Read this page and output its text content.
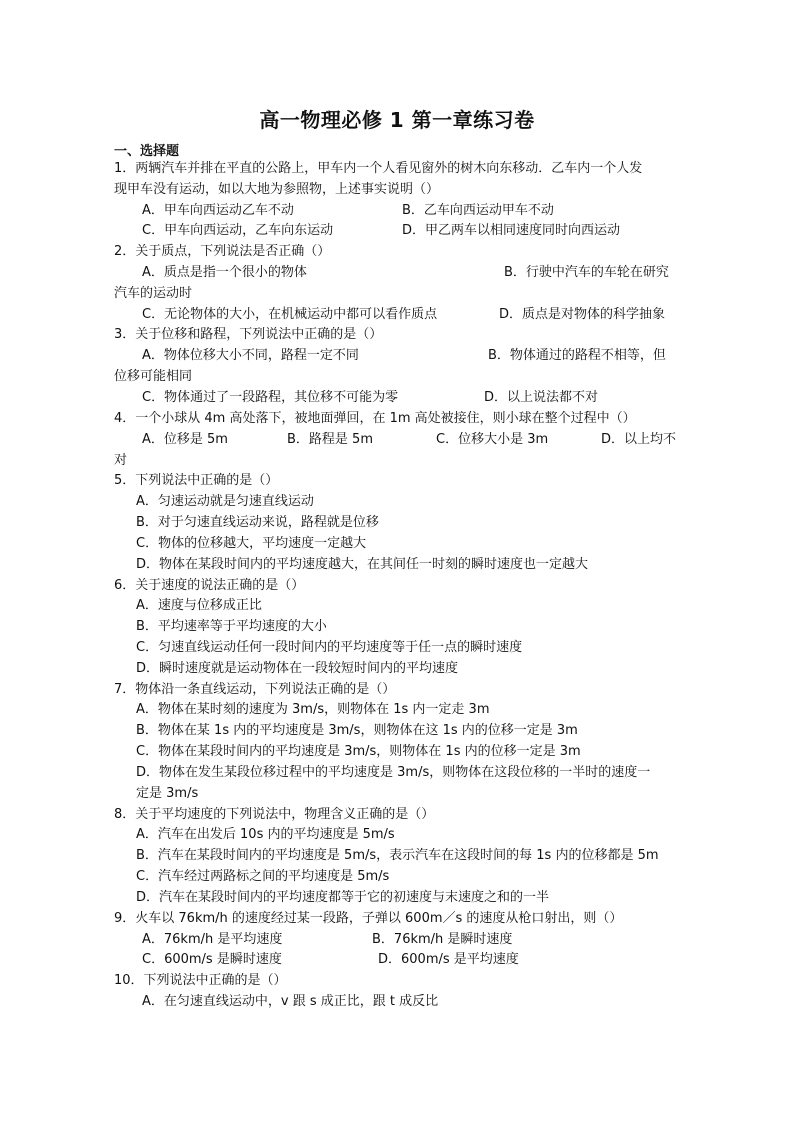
高一物理必修 1 第一章练习卷
一、选择题
1．两辆汽车并排在平直的公路上，甲车内一个人看见窗外的树木向东移动．乙车内一个人发
现甲车没有运动，如以大地为参照物，上述事实说明（）
A．甲车向西运动乙车不动	B．乙车向西运动甲车不动
C．甲车向西运动，乙车向东运动	D．甲乙两车以相同速度同时向西运动
2．关于质点，下列说法是否正确（）
A．质点是指一个很小的物体	B．行驶中汽车的车轮在研究
汽车的运动时
C．无论物体的大小，在机械运动中都可以看作质点	D．质点是对物体的科学抽象
3．关于位移和路程，下列说法中正确的是（）
A．物体位移大小不同，路程一定不同	B．物体通过的路程不相等，但
位移可能相同
C．物体通过了一段路程，其位移不可能为零	D．以上说法都不对
4．一个小球从 4m 高处落下，被地面弹回，在 1m 高处被接住，则小球在整个过程中（）
A．位移是 5m	B．路程是 5m	C．位移大小是 3m	D．以上均不
对
5．下列说法中正确的是（）
A．匀速运动就是匀速直线运动
B．对于匀速直线运动来说，路程就是位移
C．物体的位移越大，平均速度一定越大
D．物体在某段时间内的平均速度越大，在其间任一时刻的瞬时速度也一定越大
6．关于速度的说法正确的是（）
A．速度与位移成正比
B．平均速率等于平均速度的大小
C．匀速直线运动任何一段时间内的平均速度等于任一点的瞬时速度
D．瞬时速度就是运动物体在一段较短时间内的平均速度
7．物体沿一条直线运动，下列说法正确的是（）
A．物体在某时刻的速度为 3m/s，则物体在 1s 内一定走 3m
B．物体在某 1s 内的平均速度是 3m/s，则物体在这 1s 内的位移一定是 3m
C．物体在某段时间内的平均速度是 3m/s，则物体在 1s 内的位移一定是 3m
D．物体在发生某段位移过程中的平均速度是 3m/s，则物体在这段位移的一半时的速度一
定是 3m/s
8．关于平均速度的下列说法中，物理含义正确的是（）
A．汽车在出发后 10s 内的平均速度是 5m/s
B．汽车在某段时间内的平均速度是 5m/s，表示汽车在这段时间的每 1s 内的位移都是 5m
C．汽车经过两路标之间的平均速度是 5m/s
D．汽车在某段时间内的平均速度都等于它的初速度与末速度之和的一半
9．火车以 76km/h 的速度经过某一段路，子弹以 600m／s 的速度从枪口射出，则（）
A．76km/h 是平均速度	B．76km/h 是瞬时速度
C．600m/s 是瞬时速度	D．600m/s 是平均速度
10．下列说法中正确的是（）
A．在匀速直线运动中，v 跟 s 成正比，跟 t 成反比
